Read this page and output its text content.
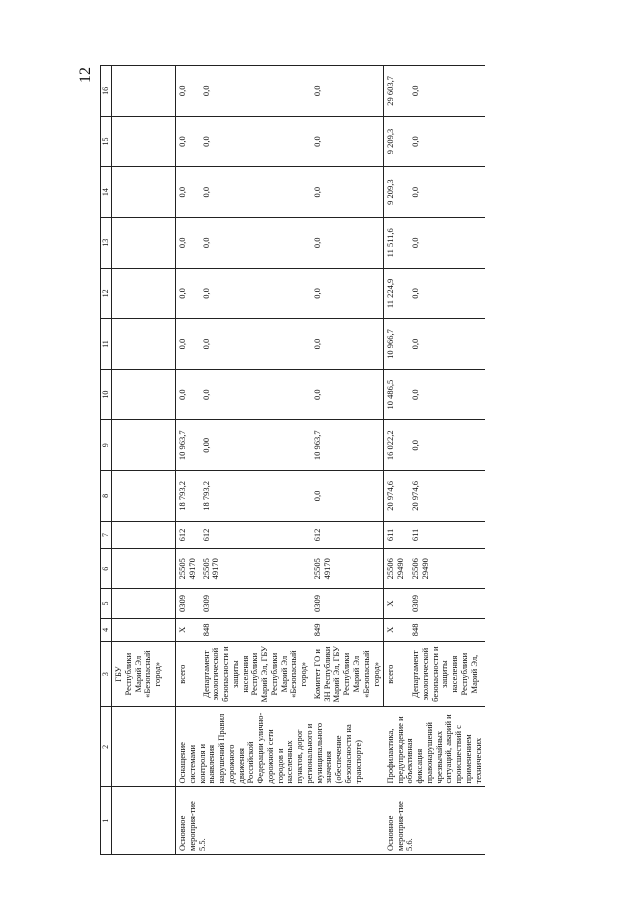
12
1	2	3	4	5	6	7	8	9	10	11	12	13	14	15	16
		ГБУ Республики Марий Эл «Безопасный город»													
Основное мероприя-тие 5.5.	Оснащение системами контроля и выявления нарушений Правил дорожного движения Российской Федерации улично-дорожной сети городов и населенных пунктов, дорог регионального и муниципального значения (обеспечение безопасности на транспорте)	всего	X	0309	25505 49170	612	18 793,2	10 963,7	0,0	0,0	0,0	0,0	0,0	0,0	0,0
		Департамент экологической безопасности и защиты населения Республики Марий Эл, ГБУ Республики Марий Эл «Безопасный город»	848	0309	25505 49170	612	18 793,2	0,00	0,0	0,0	0,0	0,0	0,0	0,0	0,0
		Комитет ГО и ЗН Республики Марий Эл, ГБУ Республики Марий Эл «Безопасный город»	849	0309	25505 49170	612	0,0	10 963,7	0,0	0,0	0,0	0,0	0,0	0,0	0,0
Основное мероприя-тие 5.6.	Профилактика, предупреждение и объективная фиксация правонарушений чрезвычайных ситуаций, аварий и происшествий с применением технических	всего	X	X	25506 29490	611	20 974,6	16 022,2	10 486,5	10 966,7	11 224,9	11 511,6	9 209,3	9 209,3	29 603,7
		Департамент экологической безопасности и защиты населения Республики Марий Эл,	848	0309	25506 29490	611	20 974,6	0,0	0,0	0,0	0,0	0,0	0,0	0,0	0,0
